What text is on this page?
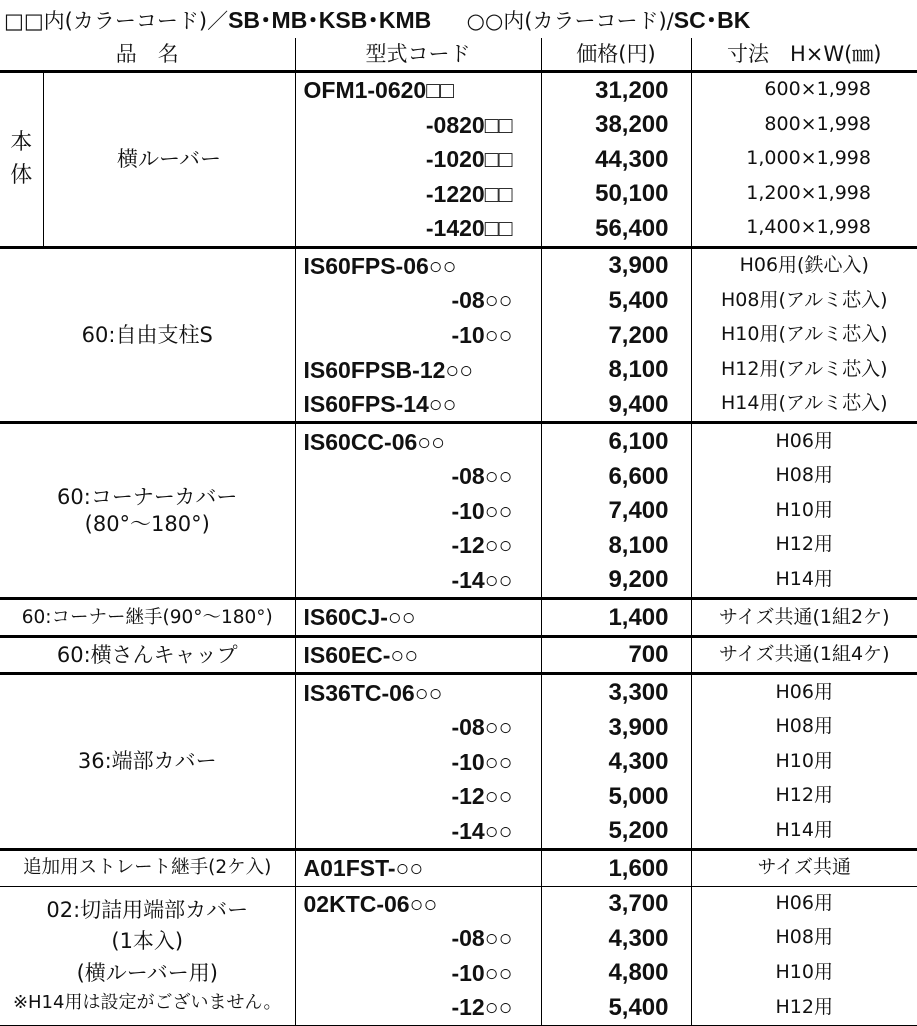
□□内(カラーコード)／SB･MB･KSB･KMB ○○内(カラーコード)/SC･BK
品　名		型式コード	価格(円)	寸法　H×W(㎜)

本
体	横ルーバー	OFM1-0620□□	31,200	600×1,998
		-0820□□	38,200	800×1,998
		-1020□□	44,300	1,000×1,998
		-1220□□	50,100	1,200×1,998
		-1420□□	56,400	1,400×1,998
60:自由支柱S		IS60FPS-06○○	3,900	H06用(鉄心入)
		-08○○	5,400	H08用(アルミ芯入)
		-10○○	7,200	H10用(アルミ芯入)
		IS60FPSB-12○○	8,100	H12用(アルミ芯入)
		IS60FPS-14○○	9,400	H14用(アルミ芯入)

60:コーナーカバー
(80°～180°)		IS60CC-06○○	6,100	H06用
		-08○○	6,600	H08用
		-10○○	7,400	H10用
		-12○○	8,100	H12用
		-14○○	9,200	H14用
60:コーナー継手(90°～180°)		IS60CJ-○○	1,400	サイズ共通(1組2ケ)
60:横さんキャップ		IS60EC-○○	700	サイズ共通(1組4ケ)
36:端部カバー		IS36TC-06○○	3,300	H06用
		-08○○	3,900	H08用
		-10○○	4,300	H10用
		-12○○	5,000	H12用
		-14○○	5,200	H14用
追加用ストレート継手(2ケ入)		A01FST-○○	1,600	サイズ共通

02:切詰用端部カバー
(1本入)
(横ルーバー用)
※H14用は設定がございません。		02KTC-06○○	3,700	H06用
		-08○○	4,300	H08用
		-10○○	4,800	H10用
		-12○○	5,400	H12用
